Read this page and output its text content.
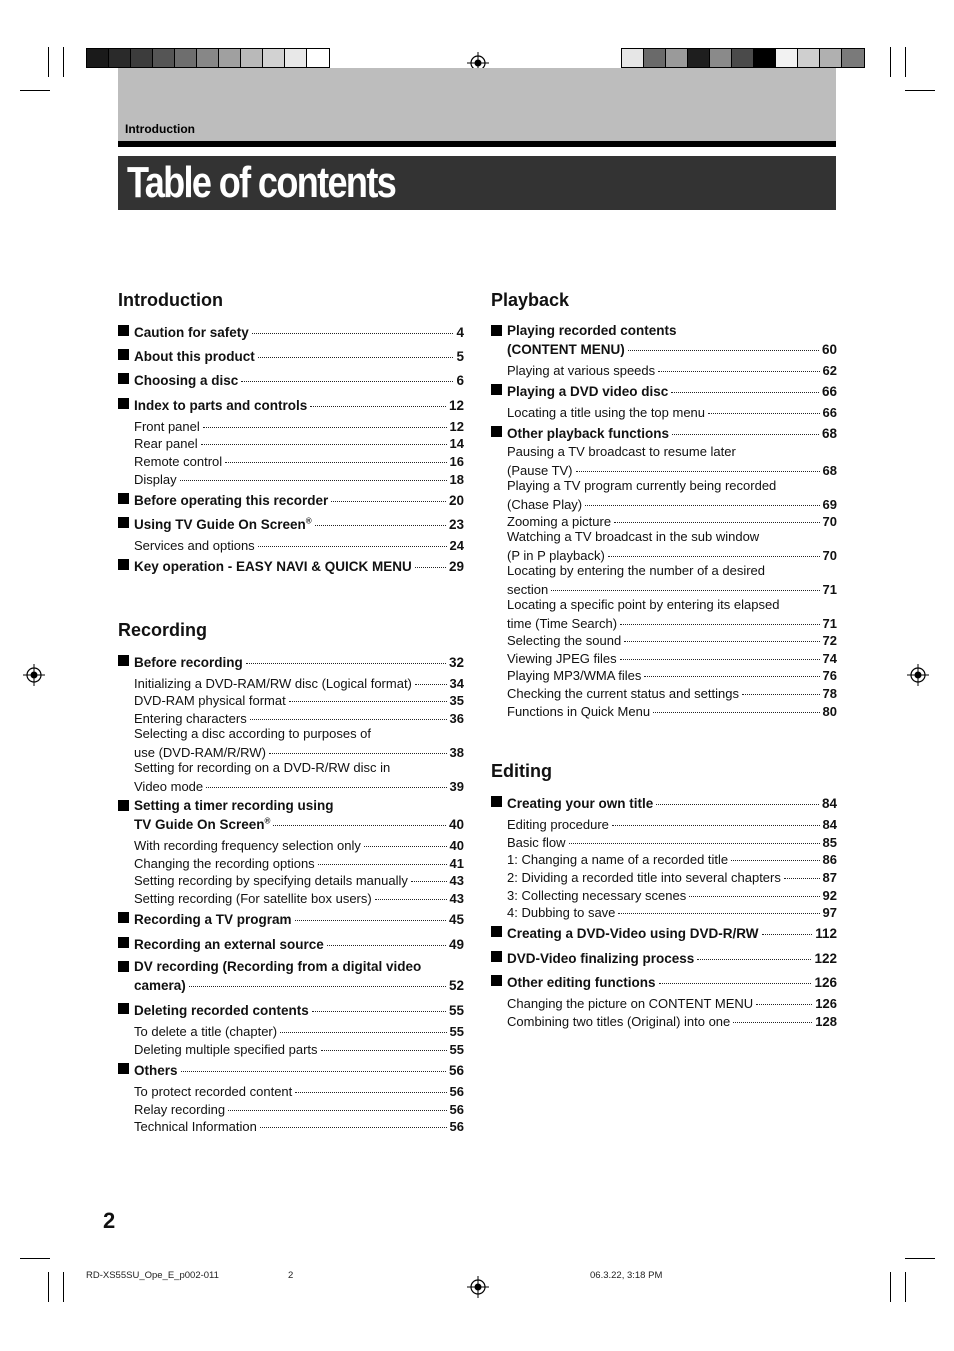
Introduction
Table of contents
Introduction
Recording
Caution for safety	4
About this product	5
Choosing a disc	6
Index to parts and controls	12
Front panel	12
Rear panel	14
Remote control	16
Display	18
Before operating this recorder	20
Using TV Guide On Screen®	23
Services and options	24
Key operation - EASY NAVI & QUICK MENU	29
Before recording	32
Initializing a DVD-RAM/RW disc (Logical format)	34
DVD-RAM physical format	35
Entering characters	36
Selecting a disc according to purposes of
use (DVD-RAM/R/RW)	38
Setting for recording on a DVD-R/RW disc in
Video mode	39
Setting a timer recording using
TV Guide On Screen®	40
With recording frequency selection only	40
Changing the recording options	41
Setting recording by specifying details manually	43
Setting recording (For satellite box users)	43
Recording a TV program	45
Recording an external source	49
DV recording (Recording from a digital video
camera)	52
Deleting recorded contents	55
To delete a title (chapter)	55
Deleting multiple specified parts	55
Others	56
To protect recorded content	56
Relay recording	56
Technical Information	56
Playback
Editing
Playing recorded contents
(CONTENT MENU)	60
Playing at various speeds	62
Playing a DVD video disc	66
Locating a title using the top menu	66
Other playback functions	68
Pausing a TV broadcast to resume later
(Pause TV)	68
Playing a TV program currently being recorded
(Chase Play)	69
Zooming a picture	70
Watching a TV broadcast in the sub window
(P in P playback)	70
Locating by entering the number of a desired
section	71
Locating a specific point by entering its elapsed
time (Time Search)	71
Selecting the sound	72
Viewing JPEG files	74
Playing MP3/WMA files	76
Checking the current status and settings	78
Functions in Quick Menu	80
Creating your own title	84
Editing procedure	84
Basic flow	85
1: Changing a name of a recorded title	86
2: Dividing a recorded title into several chapters	87
3: Collecting necessary scenes	92
4: Dubbing to save	97
Creating a DVD-Video using DVD-R/RW	112
DVD-Video finalizing process	122
Other editing functions	126
Changing the picture on CONTENT MENU	126
Combining two titles (Original) into one	128
2
RD-XS55SU_Ope_E_p002-011	2	06.3.22, 3:18 PM
